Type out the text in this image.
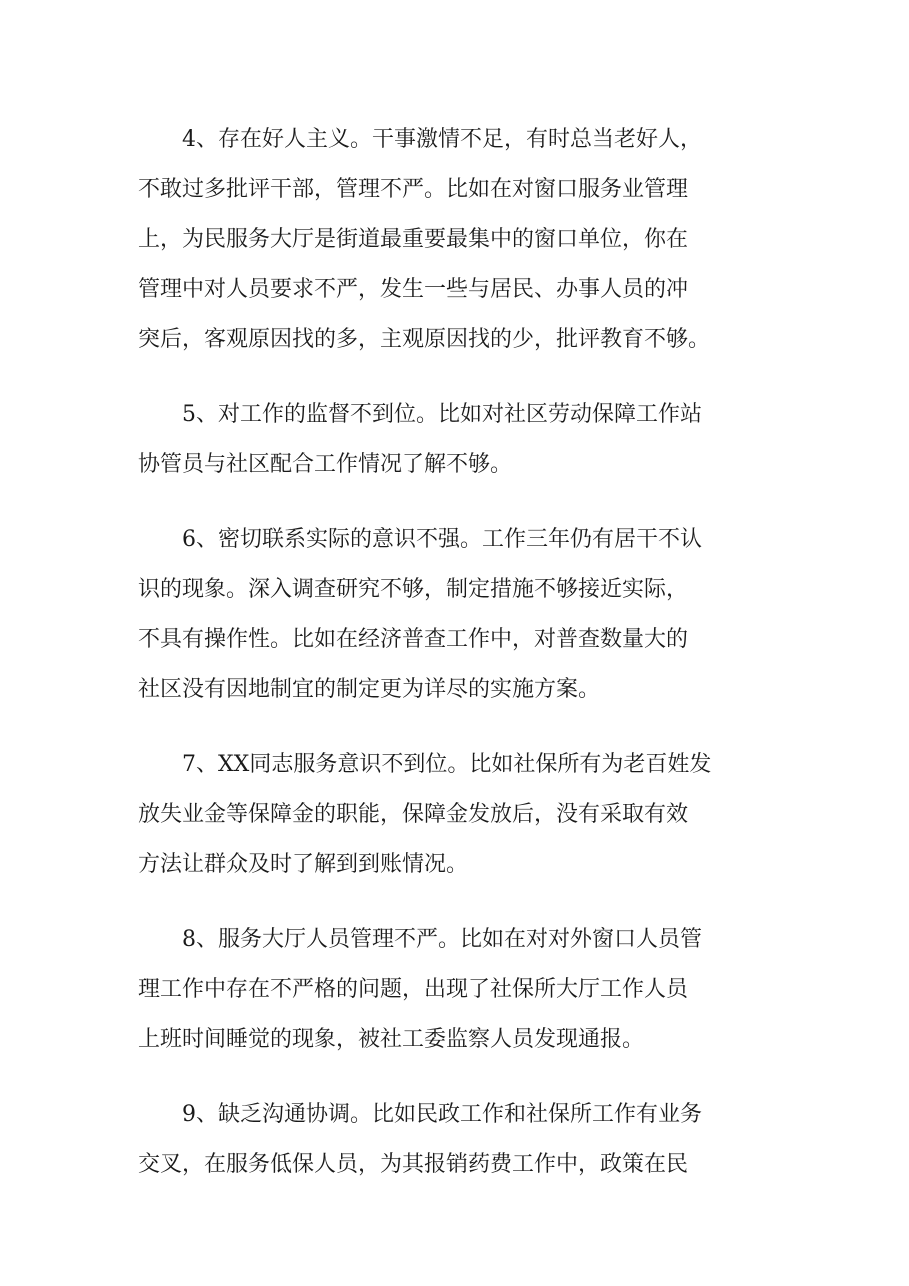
4、存在好人主义。干事激情不足，有时总当老好人，
不敢过多批评干部，管理不严。比如在对窗口服务业管理
上，为民服务大厅是街道最重要最集中的窗口单位，你在
管理中对人员要求不严，发生一些与居民、办事人员的冲
突后，客观原因找的多，主观原因找的少，批评教育不够。
5、对工作的监督不到位。比如对社区劳动保障工作站
协管员与社区配合工作情况了解不够。
6、密切联系实际的意识不强。工作三年仍有居干不认
识的现象。深入调查研究不够，制定措施不够接近实际，
不具有操作性。比如在经济普查工作中，对普查数量大的
社区没有因地制宜的制定更为详尽的实施方案。
7、XX同志服务意识不到位。比如社保所有为老百姓发
放失业金等保障金的职能，保障金发放后，没有采取有效
方法让群众及时了解到到账情况。
8、服务大厅人员管理不严。比如在对对外窗口人员管
理工作中存在不严格的问题，出现了社保所大厅工作人员
上班时间睡觉的现象，被社工委监察人员发现通报。
9、缺乏沟通协调。比如民政工作和社保所工作有业务
交叉，在服务低保人员，为其报销药费工作中，政策在民
